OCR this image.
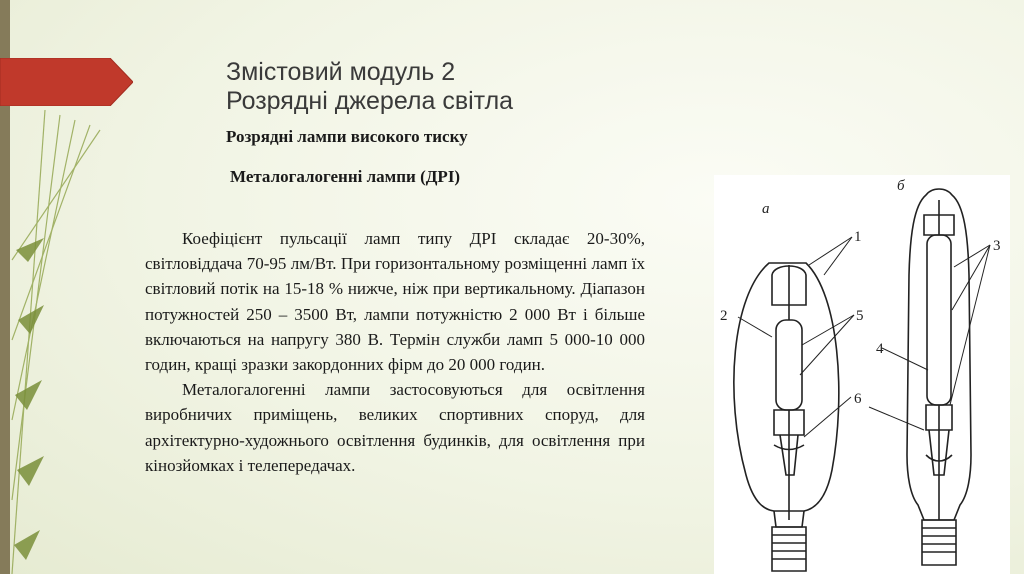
Змістовий модуль 2
Розрядні джерела світла
Розрядні лампи високого тиску
Металогалогенні лампи (ДРІ)

Коефіцієнт пульсації ламп типу ДРІ складає 20-30%, світловіддача 70-95 лм/Вт. При горизонтальному розміщенні ламп їх світловий потік на 15-18 % нижче, ніж при вертикальному. Діапазон потужностей 250 – 3500 Вт, лампи потужністю 2 000 Вт і більше включаються на напругу 380 В. Термін служби ламп 5 000-10 000 годин, кращі зразки закордонних фірм до 20 000 годин.

Металогалогенні лампи застосовуються для освітлення виробничих приміщень, великих спортивних споруд, для архітектурно-художнього освітлення будинків, для освітлення при кінозйомках і телепередачах.

а
б
1
2
3
4
5
6
